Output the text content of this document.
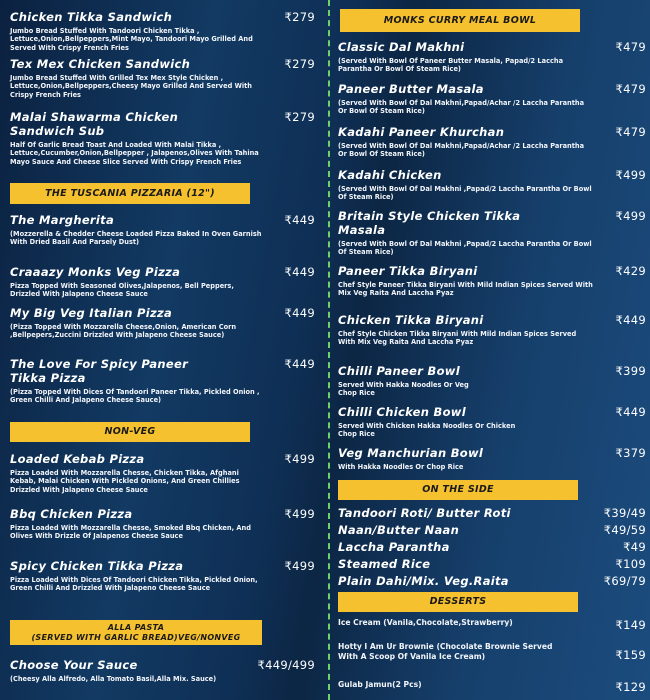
Chicken Tikka Sandwich	₹279
Jumbo Bread Stuffed With Tandoori Chicken Tikka , Lettuce,Onion,Bellpeppers,Mint Mayo, Tandoori Mayo Grilled And Served With Crispy French Fries
Tex Mex Chicken Sandwich	₹279
Jumbo Bread Stuffed With Grilled Tex Mex Style Chicken , Lettuce,Onion,Bellpeppers,Cheesy Mayo Grilled And Served With Crispy French Fries
Malai Shawarma Chicken Sandwich Sub
₹279
Half Of Garlic Bread Toast And Loaded With Malai Tikka , Lettuce,Cucumber,Onion,Bellpepper , Jalapenos,Olives With Tahina Mayo Sauce And Cheese Slice Served With Crispy French Fries
THE TUSCANIA PIZZARIA (12")
The Margherita	₹449
(Mozzerella & Chedder Cheese Loaded Pizza Baked In Oven Garnish With Dried Basil And Parsely Dust)
Craaazy Monks Veg Pizza	₹449
Pizza Topped With Seasoned Olives,Jalapenos, Bell Peppers, Drizzled With Jalapeno Cheese Sauce
My Big Veg Italian Pizza	₹449
(Pizza Topped With Mozzarella Cheese,Onion, American Corn ,Bellpepers,Zuccini Drizzled With Jalapeno Cheese Sauce)
The Love For Spicy Paneer Tikka Pizza
₹449
(Pizza Topped With Dices Of Tandoori Paneer Tikka, Pickled Onion , Green Chilli And Jalapeno Cheese Sauce)
NON-VEG
Loaded Kebab Pizza	₹499
Pizza Loaded With Mozzarella Chesse, Chicken Tikka, Afghani Kebab, Malai Chicken With Pickled Onions, And Green Chillies Drizzled With Jalapeno Cheese Sauce
Bbq Chicken Pizza	₹499
Pizza Loaded With Mozzarella Chesse, Smoked Bbq Chicken, And Olives With Drizzle Of Jalapenos Cheese Sauce
Spicy Chicken Tikka Pizza	₹499
Pizza Loaded With Dices Of Tandoori Chicken Tikka, Pickled Onion, Green Chilli And Drizzled With Jalapeno Cheese Sauce
ALLA PASTA
(SERVED WITH GARLIC BREAD)VEG/NONVEG
Choose Your Sauce	₹449/499
(Cheesy Alla Alfredo, Alla Tomato Basil,Alla Mix. Sauce)
MONKS CURRY MEAL BOWL
Classic Dal Makhni	₹479
(Served With Bowl Of Paneer Butter Masala, Papad/2 Laccha Parantha Or Bowl Of Steam Rice)
Paneer Butter Masala	₹479
(Served With Bowl Of Dal Makhni,Papad/Achar /2 Laccha Parantha Or Bowl Of Steam Rice)
Kadahi Paneer Khurchan	₹479
(Served With Bowl Of Dal Makhni,Papad/Achar /2 Laccha Parantha Or Bowl Of Steam Rice)
Kadahi Chicken	₹499
(Served With Bowl Of Dal Makhni ,Papad/2 Laccha Parantha Or Bowl Of Steam Rice)
Britain Style Chicken Tikka Masala
₹499
(Served With Bowl Of Dal Makhni ,Papad/2 Laccha Parantha Or Bowl Of Steam Rice)
Paneer Tikka Biryani	₹429
Chef Style Paneer Tikka Biryani With Mild Indian Spices Served With Mix Veg Raita And Laccha Pyaz
Chicken Tikka Biryani	₹449
Chef Style Chicken Tikka Biryani With Mild Indian Spices Served With Mix Veg Raita And Laccha Pyaz
Chilli Paneer Bowl	₹399
Served With Hakka Noodles Or Veg Chop Rice
Chilli Chicken Bowl	₹449
Served With Chicken Hakka Noodles Or Chicken Chop Rice
Veg Manchurian Bowl	₹379
With Hakka Noodles Or Chop Rice
ON THE SIDE
Tandoori Roti/ Butter Roti	₹39/49
Naan/Butter Naan	₹49/59
Laccha Parantha	₹49
Steamed Rice	₹109
Plain Dahi/Mix. Veg.Raita	₹69/79
DESSERTS
Ice Cream (Vanila,Chocolate,Strawberry)	₹149
Hotty I Am Ur Brownie (Chocolate Brownie Served With A Scoop Of Vanila Ice Cream)	₹159
Gulab Jamun(2 Pcs)	₹129
